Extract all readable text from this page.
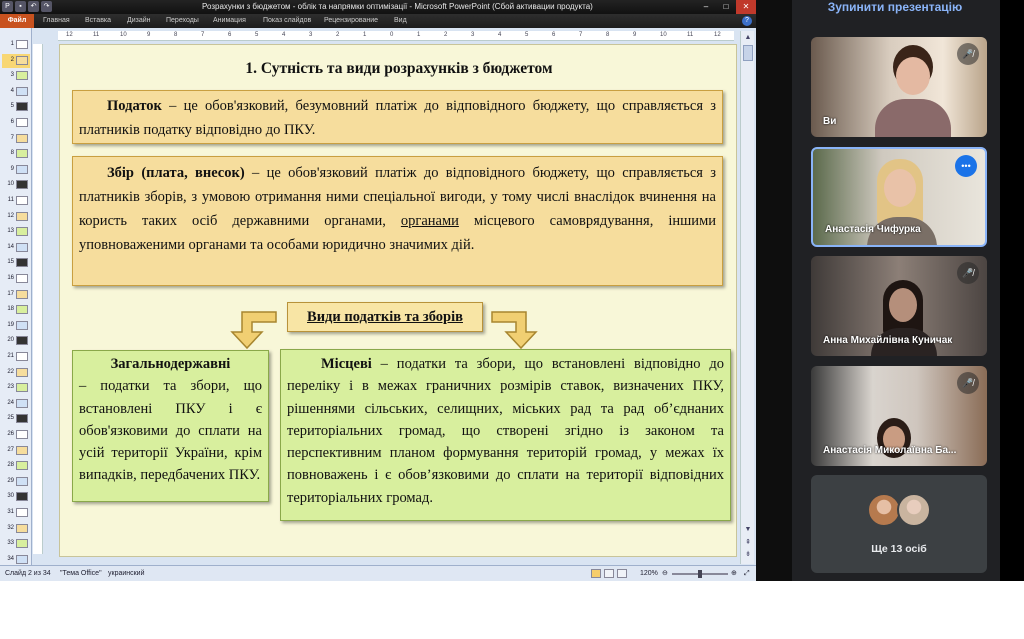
P	▪	↶	↷	Розрахунки з бюджетом - облік та напрямки оптимізації - Microsoft PowerPoint (Сбой активации продукта)	–	□	✕
Файл	Главная Вставка Дизайн Переходы Анимация Показ слайдов Рецензирование Вид	?
1
2
3
4
5
6
7
8
9
10
11
12
13
14
15
16
17
18
19
20
21
22
23
24
25
26
27
28
29
30
31
32
33
34
12	11	10	9	8	7	6	5	4	3	2	1	0	1	2	3	4	5	6	7	8	9	10	11	12	▲
▼
⇞
⇟
1. Сутність та види розрахунків з бюджетом
Податок – це обов'язковий, безумовний платіж до відповідного бюджету, що справляється з платників податку відповідно до ПКУ.
Збір (плата, внесок) – це обов'язковий платіж до відповідного бюджету, що справляється з платників зборів, з умовою отримання ними спеціальної вигоди, у тому числі внаслідок вчинення на користь таких осіб державними органами, органами місцевого самоврядування, іншими уповноваженими органами та особами юридично значимих дій.
Види податків та зборів
Загальнодержавні
– податки та збори, що встановлені ПКУ і є обов'язковими до сплати на усій території України, крім випадків, передбачених ПКУ.
Місцеві – податки та збори, що встановлені відповідно до переліку і в межах граничних розмірів ставок, визначених ПКУ, рішеннями сільських, селищних, міських рад та рад об’єднаних територіальних громад, що створені згідно із законом та перспективним планом формування територій громад, у межах їх повноважень і є обов’язковими до сплати на території відповідних територіальних громад.
Слайд 2 из 34 "Тема Office" украинский	120% ⊖	⊕ ⤢
Зупинити презентацію
🎤̸
Ви
•••
Анастасія Чифурка
🎤̸
Анна Михайлівна Куничак
🎤̸
Анастасія Миколаївна Ба...
Ще 13 осіб
